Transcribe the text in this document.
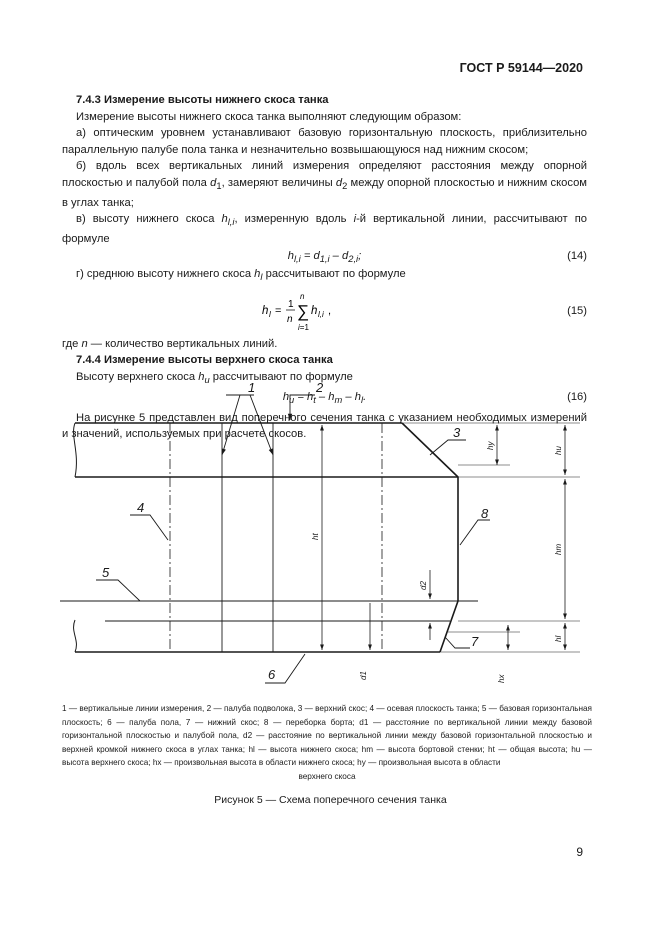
ГОСТ Р 59144—2020

7.4.3 Измерение высоты нижнего скоса танка

Измерение высоты нижнего скоса танка выполняют следующим образом:

а) оптическим уровнем устанавливают базовую горизонтальную плоскость, приблизительно параллельную палубе пола танка и незначительно возвышающуюся над нижним скосом;

б) вдоль всех вертикальных линий измерения определяют расстояния между опорной плоскостью и палубой пола $d_1$, замеряют величины $d_2$ между опорной плоскостью и нижним скосом в углах танка;

в) высоту нижнего скоса $h_{l,i}$, измеренную вдоль i-й вертикальной линии, рассчитывают по формуле

$h_{l,i} = d_{1,i} - d_{2,i}$;	(14)

г) среднюю высоту нижнего скоса $h_l$ рассчитывают по формуле

h l =
1
n
n
∑
i=1
h l,i ,	(15)

где n — количество вертикальных линий.

7.4.4 Измерение высоты верхнего скоса танка

Высоту верхнего скоса $h_u$ рассчитывают по формуле

$h_u = h_t - h_m - h_l$.	(16)

На рисунке 5 представлен вид поперечного сечения танка с указанием необходимых измерений и значений, используемых при расчете скосов.

1	2
3
4
5
6
7
8
ht
hm
hu
hl
hy
hx
d1
d2
1 — вертикальные линии измерения, 2 — палуба подволока, 3 — верхний скос; 4 — осевая плоскость танка; 5 — базовая горизонтальная плоскость; 6 — палуба пола, 7 — нижний скос; 8 — переборка борта; d1 — расстояние по вертикальной линии между базовой горизонтальной плоскостью и палубой пола, d2 — расстояние по вертикальной линии между базовой горизонтальной плоскостью и верхней кромкой нижнего скоса в углах танка; hl — высота нижнего скоса; hm — высота бортовой стенки; ht — общая высота; hu — высота верхнего скоса; hx — произвольная высота в области нижнего скоса; hy — произвольная высота в области
верхнего скоса
Рисунок 5 — Схема поперечного сечения танка
9
